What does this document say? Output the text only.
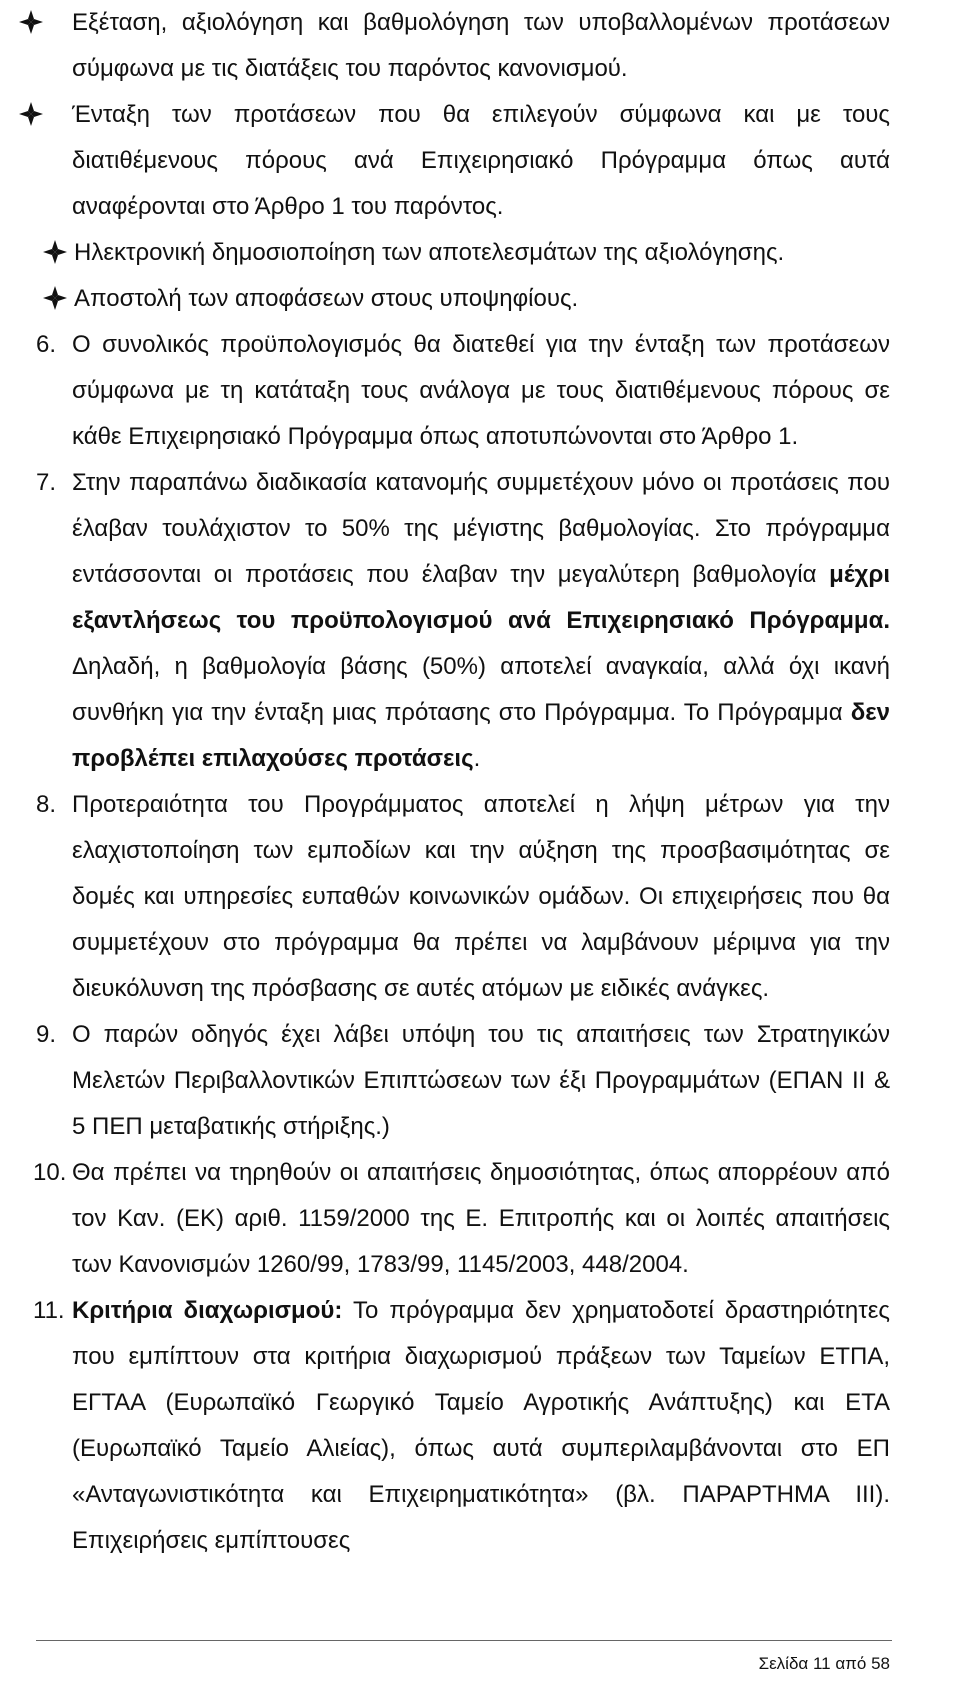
Εξέταση, αξιολόγηση και βαθμολόγηση των υποβαλλομένων προτάσεων σύμφωνα με τις διατάξεις του παρόντος κανονισμού.
Ένταξη των προτάσεων που θα επιλεγούν σύμφωνα και με τους διατιθέμενους πόρους ανά Επιχειρησιακό Πρόγραμμα όπως αυτά αναφέρονται στο Άρθρο 1 του παρόντος.
Ηλεκτρονική δημοσιοποίηση των αποτελεσμάτων της αξιολόγησης.
Αποστολή των αποφάσεων στους υποψηφίους.
6. Ο συνολικός προϋπολογισμός θα διατεθεί για την ένταξη των προτάσεων σύμφωνα με τη κατάταξη τους ανάλογα με τους διατιθέμενους πόρους σε κάθε Επιχειρησιακό Πρόγραμμα όπως αποτυπώνονται στο Άρθρο 1.
7. Στην παραπάνω διαδικασία κατανομής συμμετέχουν μόνο οι προτάσεις που έλαβαν τουλάχιστον το 50% της μέγιστης βαθμολογίας. Στο πρόγραμμα εντάσσονται οι προτάσεις που έλαβαν την μεγαλύτερη βαθμολογία μέχρι εξαντλήσεως του προϋπολογισμού ανά Επιχειρησιακό Πρόγραμμα. Δηλαδή, η βαθμολογία βάσης (50%) αποτελεί αναγκαία, αλλά όχι ικανή συνθήκη για την ένταξη μιας πρότασης στο Πρόγραμμα. Το Πρόγραμμα δεν προβλέπει επιλαχούσες προτάσεις.
8. Προτεραιότητα του Προγράμματος αποτελεί η λήψη μέτρων για την ελαχιστοποίηση των εμποδίων και την αύξηση της προσβασιμότητας σε δομές και υπηρεσίες ευπαθών κοινωνικών ομάδων. Οι επιχειρήσεις που θα συμμετέχουν στο πρόγραμμα θα πρέπει να λαμβάνουν μέριμνα για την διευκόλυνση της πρόσβασης σε αυτές ατόμων με ειδικές ανάγκες.
9. Ο παρών οδηγός έχει λάβει υπόψη του τις απαιτήσεις των Στρατηγικών Μελετών Περιβαλλοντικών Επιπτώσεων των έξι Προγραμμάτων (ΕΠΑΝ ΙΙ & 5 ΠΕΠ μεταβατικής στήριξης.)
10. Θα πρέπει να τηρηθούν οι απαιτήσεις δημοσιότητας, όπως απορρέουν από τον Καν. (ΕΚ) αριθ. 1159/2000 της Ε. Επιτροπής και οι λοιπές απαιτήσεις των Κανονισμών 1260/99, 1783/99, 1145/2003, 448/2004.
11. Κριτήρια διαχωρισμού: Το πρόγραμμα δεν χρηματοδοτεί δραστηριότητες που εμπίπτουν στα κριτήρια διαχωρισμού πράξεων των Ταμείων ΕΤΠΑ, ΕΓΤΑΑ (Ευρωπαϊκό Γεωργικό Ταμείο Αγροτικής Ανάπτυξης) και ΕΤΑ (Ευρωπαϊκό Ταμείο Αλιείας), όπως αυτά συμπεριλαμβάνονται στο ΕΠ «Ανταγωνιστικότητα και Επιχειρηματικότητα» (βλ. ΠΑΡΑΡΤΗΜΑ ΙΙΙ). Επιχειρήσεις εμπίπτουσες
Σελίδα 11 από 58
